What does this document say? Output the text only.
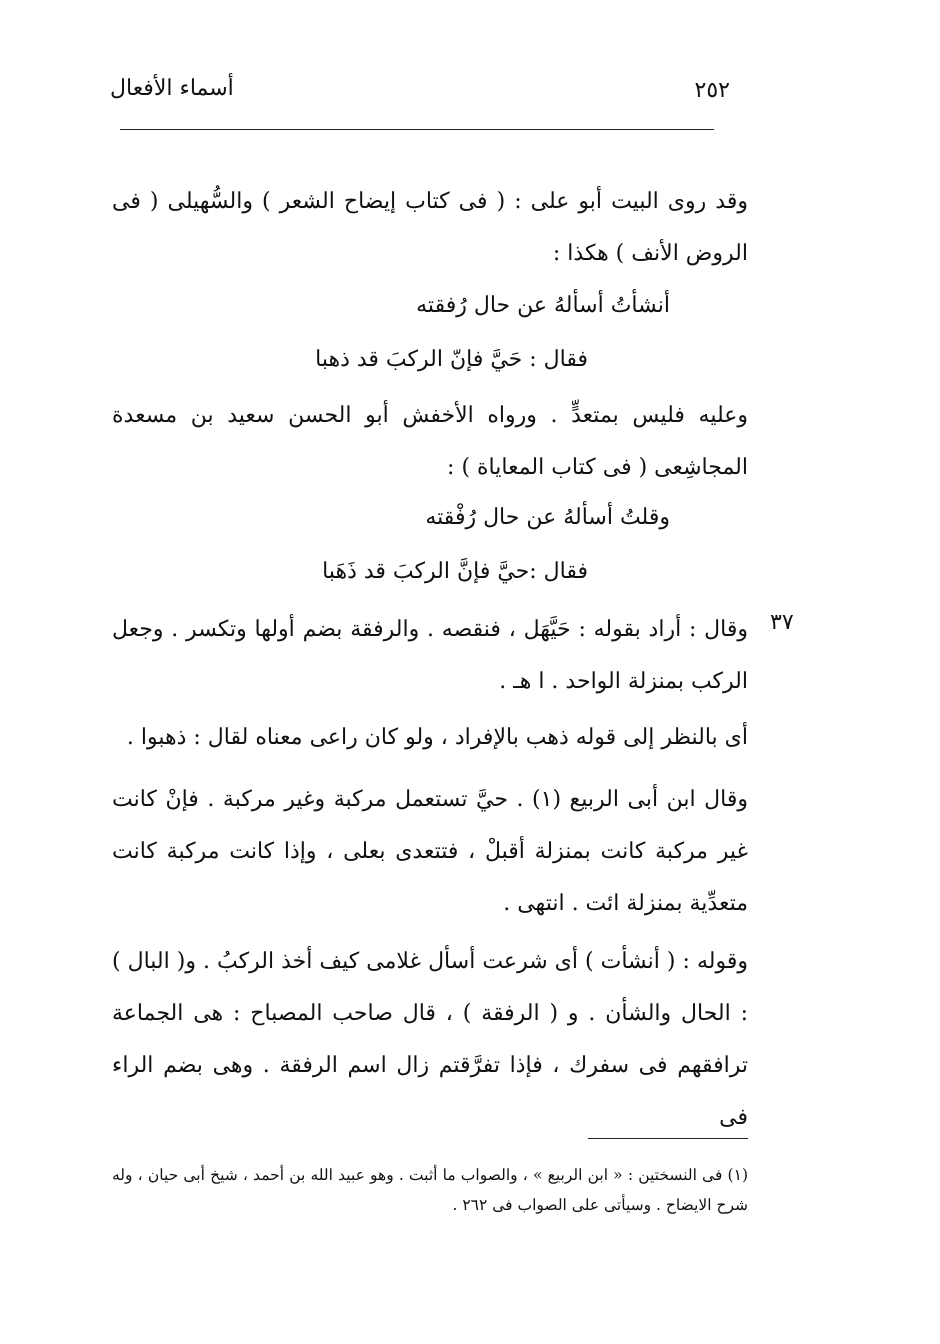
٢٥٢
أسماء الأفعال

وقد روى البيت أبو على : ( فى كتاب إيضاح الشعر ) والسُّهيلى ( فى الروض الأنف ) هكذا :

أنشأتُ أسألهُ عن حال رُفقته
فقال : حَيَّ فإنّ الركبَ قد ذهبا

وعليه فليس بمتعدٍّ . ورواه الأخفش أبو الحسن سعيد بن مسعدة المجاشِعى ( فى كتاب المعاياة ) :

وقلتُ أسألهُ عن حال رُفْقته
فقال :حيَّ فإنَّ الركبَ قد ذَهَبا

وقال : أراد بقوله : حَيَّهَل ، فنقصه . والرفقة بضم أولها وتكسر . وجعل الركب بمنزلة الواحد . ا هـ .

أى بالنظر إلى قوله ذهب بالإفراد ، ولو كان راعى معناه لقال : ذهبوا .

وقال ابن أبى الربيع (١) . حيَّ تستعمل مركبة وغير مركبة . فإنْ كانت غير مركبة كانت بمنزلة أقبلْ ، فتتعدى بعلى ، وإذا كانت مركبة كانت متعدِّية بمنزلة ائت . انتهى .

وقوله : ( أنشأت ) أى شرعت أسأل غلامى كيف أخذ الركبُ . و( البال ) : الحال والشأن . و ( الرفقة ) ، قال صاحب المصباح : هى الجماعة ترافقهم فى سفرك ، فإذا تفرَّقتم زال اسم الرفقة . وهى بضم الراء فى

٣٧

(١) فى النسختين : « ابن الربيع » ، والصواب ما أثبت . وهو عبيد الله بن أحمد ، شيخ أبى حيان ، وله شرح الايضاح . وسيأتى على الصواب فى ٢٦٢ .
